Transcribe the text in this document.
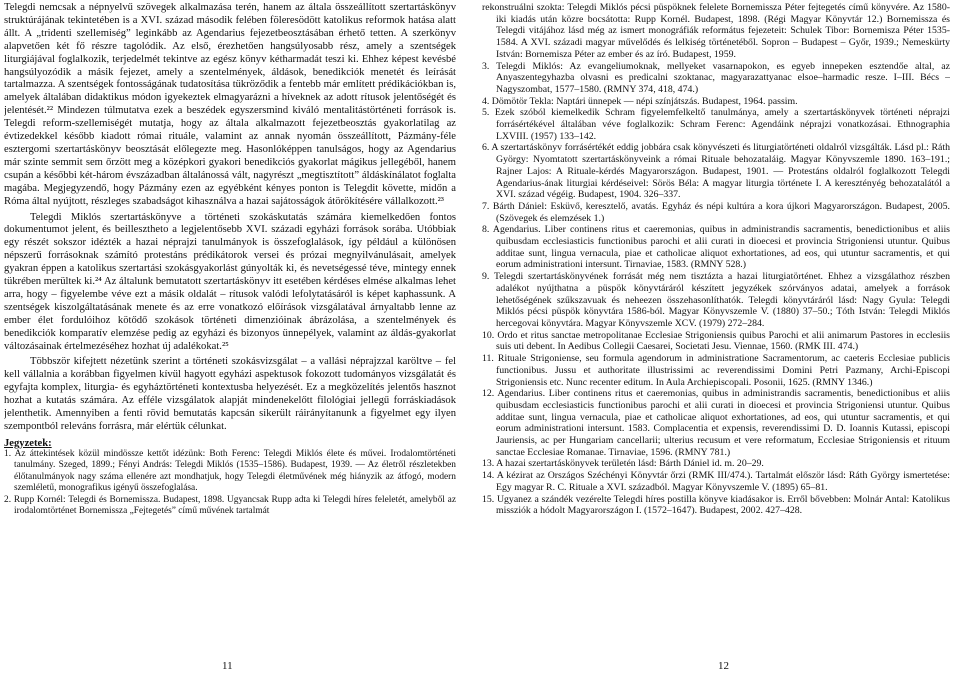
Telegdi nemcsak a népnyelvű szövegek alkalmazása terén, hanem az általa összeállított szertartáskönyv struktúrájának tekintetében is a XVI. század második felében föleresödött katolikus reformok hatása alatt állt. A „tridenti szellemiség” leginkább az Agendarius fejezetbeosztásában érhető tetten. A szerkönyv alapvetően két fő részre tagolódik. Az első, érezhetően hangsúlyosabb rész, amely a szentségek liturgiájával foglalkozik, terjedelmét tekintve az egész könyv kétharmadát teszi ki. Ehhez képest kevésbé hangsúlyozódik a másik fejezet, amely a szentelmények, áldások, benedikciók menetét és leírását tartalmazza. A szentségek fontosságának tudatosítása tükröződik a fentebb már említett prédikációkban is, amelyek általában didaktikus módon igyekeztek elmagyarázni a híveknek az adott rítusok jelentőségét és jelentését.²² Mindezen túlmutatva ezek a beszédek egyszersmind kiváló mentalitástörténeti források is. Telegdi reform-szellemiségét mutatja, hogy az általa alkalmazott fejezetbeosztás gyakorlatilag az évtizedekkel később kiadott római rituále, valamint az annak nyomán összeállított, Pázmány-féle esztergomi szertartáskönyv beosztását előlegezte meg. Hasonlóképpen tanulságos, hogy az Agendarius már szinte semmit sem őrzött meg a középkori gyakori benedikciós gyakorlat mágikus jellegéből, hanem csupán a későbbi két-három évszázadban általánossá vált, nagyrészt „megtisztított” áldáskínálatot foglalta magába. Megjegyzendő, hogy Pázmány ezen az egyébként kényes ponton is Telegdit követte, midőn a Róma által nyújtott, részleges szabadságot kihasználva a hazai sajátosságok átörökítésére vállalkozott.²³

Telegdi Miklós szertartáskönyve a történeti szokáskutatás számára kiemelkedően fontos dokumentumot jelent, és beillesztheto a legjelentősebb XVI. századi egyházi források sorába. Utóbbiak egy részét sokszor idézték a hazai néprajzi tanulmányok is összefoglalások, így például a különösen népszerű forrásoknak számító protestáns prédikátorok versei és prózai megnyilvánulásait, amelyek gyakran éppen a katolikus szertartási szokásgyakorlást gúnyolták ki, és nevetségessé téve, mintegy ennek tükrében merültek ki.²⁴ Az általunk bemutatott szertartáskönyv itt esetében kérdéses elmése alkalmas lehet arra, hogy – figyelembe véve ezt a másik oldalát – rítusok valódi lefolytatásáról is képet kaphassunk. A szentségek kiszolgáltatásának menete és az erre vonatkozó előírások vizsgálatával árnyaltabb lenne az ember élet fordulóihoz kötődő szokások történeti dimenzióinak ábrázolása, a szentelmények és benedikciók komparatív elemzése pedig az egyházi és bizonyos ünnepélyek, valamint az áldás-gyakorlat változásainak értelmezéséhez hozhat új adalékokat.²⁵

Többször kifejtett nézetünk szerint a történeti szokásvizsgálat – a vallási néprajzzal karöltve – fel kell vállalnia a korábban figyelmen kívül hagyott egyházi aspektusok fokozott tudományos vizsgálatát és egyfajta komplex, liturgia- és egyháztörténeti kontextusba helyezését. Ez a megközelítés jelentős hasznot hozhat a kutatás számára. Az efféle vizsgálatok alapját mindenekelőtt filológiai jellegű forráskiadások jelenthetik. Amennyiben a fenti rövid bemutatás kapcsán sikerült ráirányítanunk a figyelmet egy ilyen szempontból releváns forrásra, már elértük célunkat.

Jegyzetek:

1. Az áttekintések közül mindössze kettőt idézünk: Both Ferenc: Telegdi Miklós élete és művei. Irodalomtörténeti tanulmány. Szeged, 1899.; Fényi András: Telegdi Miklós (1535–1586). Budapest, 1939. — Az életről részletekben élőtanulmányok nagy száma ellenére azt mondhatjuk, hogy Telegdi életművének még hiányzik az átfogó, modern szemléletű, monografikus igényű összefoglalása.

2. Rupp Kornél: Telegdi és Bornemissza. Budapest, 1898. Ugyancsak Rupp adta ki Telegdi híres feleletét, amelyből az irodalomtörténet Bornemissza „Fejtegetés” című művének tartalmát

11

rekonstruálni szokta: Telegdi Miklós pécsi püspöknek felelete Bornemissza Péter fejtegetés című könyvére. Az 1580-iki kiadás után közre bocsátotta: Rupp Kornél. Budapest, 1898. (Régi Magyar Könyvtár 12.) Bornemissza és Telegdi vitájához lásd még az ismert monográfiák református fejezeteit: Schulek Tibor: Bornemisza Péter 1535-1584. A XVI. századi magyar művelődés és lelkiség történetéből. Sopron – Budapest – Győr, 1939.; Nemeskürty István: Bornemisza Péter az ember és az író. Budapest, 1959.

3. Telegdi Miklós: Az evangeliumoknak, mellyeket vasarnapokon, es egyeb innepeken esztendőe altal, az Anyaszentegyhazba olvasni es predicalni szoktanac, magyarazattyanac elsoe–harmadic resze. I–III. Bécs – Nagyszombat, 1577–1580. (RMNY 374, 418, 474.)

4. Dömötör Tekla: Naptári ünnepek — népi színjátszás. Budapest, 1964. passim.

5. Ezek szóból kiemelkedik Schram figyelemfelkeltő tanulmánya, amely a szertartáskönyvek történeti néprajzi forrásértékével általában véve foglalkozik: Schram Ferenc: Agendáink néprajzi vonatkozásai. Ethnographia LXVIII. (1957) 133–142.

6. A szertartáskönyv forrásértékét eddig jobbára csak könyvészeti és liturgiatörténeti oldalról vizsgálták. Lásd pl.: Ráth György: Nyomtatott szertartáskönyveink a római Rituale behozataláig. Magyar Könyvszemle 1890. 163–191.; Rajner Lajos: A Rituale-kérdés Magyarországon. Budapest, 1901. — Protestáns oldalról foglalkozott Telegdi Agendarius-ának liturgiai kérdéseivel: Sörös Béla: A magyar liturgia története I. A keresztényég behozatalától a XVI. század végéig. Budapest, 1904. 326–337.

7. Bárth Dániel: Esküvő, keresztelő, avatás. Egyház és népi kultúra a kora újkori Magyarországon. Budapest, 2005. (Szövegek és elemzések 1.)

8. Agendarius. Liber continens ritus et caeremonias, quibus in administrandis sacramentis, benedictionibus et aliis quibusdam ecclesiasticis functionibus parochi et alii curati in dioecesi et provincia Strigoniensi utuntur. Quibus additae sunt, lingua vernacula, piae et catholicae aliquot exhortationes, ad eos, qui utuntur sacramentis, et qui eorum administrationi intersunt. Tirnaviae, 1583. (RMNY 528.)

9. Telegdi szertartáskönyvének forrását még nem tisztázta a hazai liturgiatörténet. Ehhez a vizsgálathoz részben adalékot nyújthatna a püspök könyvtáráról készített jegyzékek szórványos adatai, amelyek a források lehetőségének szűkszavuak és neheezen összehasonlíthatók. Telegdi könyvtáráról lásd: Nagy Gyula: Telegdi Miklós pécsi püspök könyvtára 1586-ból. Magyar Könyvszemle V. (1880) 37–50.; Tóth István: Telegdi Miklós hercegovai könyvtára. Magyar Könyvszemle XCV. (1979) 272–284.

10. Ordo et ritus sanctae metropolitanae Ecclesiae Strigoniensis quibus Parochi et alii animarum Pastores in ecclesiis suis uti debent. In Aedibus Collegii Caesarei, Societati Jesu. Viennae, 1560. (RMK III. 474.)

11. Rituale Strigoniense, seu formula agendorum in administratione Sacramentorum, ac caeteris Ecclesiae publicis functionibus. Jussu et authoritate illustrissimi ac reverendissimi Domini Petri Pazmany, Archi-Episcopi Strigoniensis etc. Nunc recenter editum. In Aula Archiepiscopali. Posonii, 1625. (RMNY 1346.)

12. Agendarius. Liber continens ritus et caeremonias, quibus in administrandis sacramentis, benedictionibus et aliis quibusdam ecclesiasticis functionibus parochi et alii curati in dioecesi et provincia Strigoniensi utuntur. Quibus additae sunt, lingua vernacula, piae et catholicae aliquot exhortationes, ad eos, qui utuntur sacramentis, et qui eorum administrationi intersunt. 1583. Complacentia et expensis, reverendissimi D. D. Ioannis Kutassi, episcopi Jauriensis, ac per Hungariam cancellarii; ulterius recusum et vere reformatum, Ecclesiae Strigoniensis et rituum sanctae Ecclesiae Romanae. Tirnaviae, 1596. (RMNY 781.)

13. A hazai szertartáskönyvek területén lásd: Bárth Dániel id. m. 20–29.

14. A kézirat az Országos Széchényi Könyvtár őrzi (RMK III/474.). Tartalmát először lásd: Ráth György ismertetése: Egy magyar R. C. Rituale a XVI. századból. Magyar Könyvszemle V. (1895) 65–81.

15. Ugyanez a szándék vezérelte Telegdi híres postilla könyve kiadásakor is. Erről bővebben: Molnár Antal: Katolikus missziók a hódolt Magyarországon I. (1572–1647). Budapest, 2002. 427–428.

12
